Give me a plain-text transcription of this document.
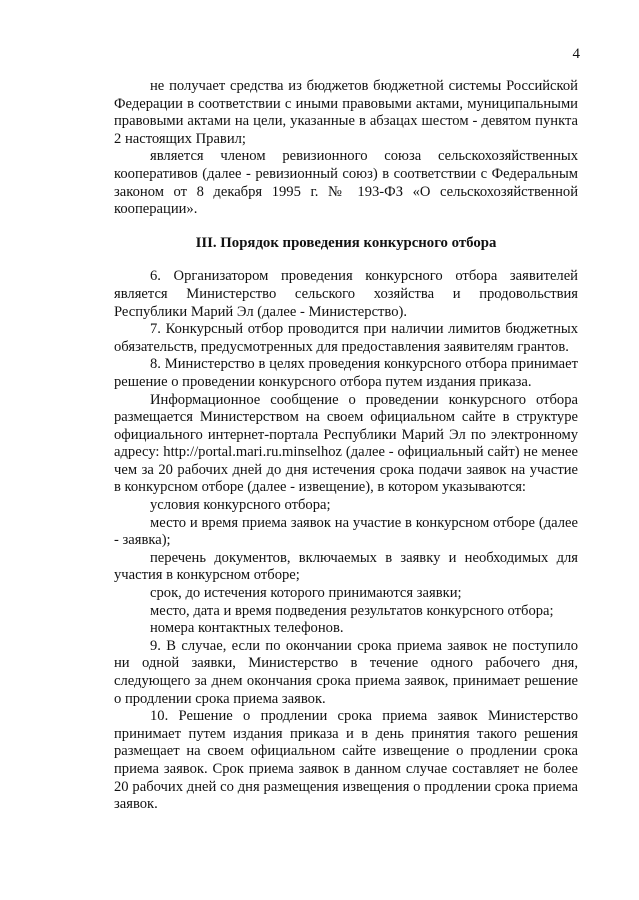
4

не получает средства из бюджетов бюджетной системы Российской Федерации в соответствии с иными правовыми актами, муниципальными правовыми актами на цели, указанные в абзацах шестом - девятом пункта 2 настоящих Правил;

является членом ревизионного союза сельскохозяйственных кооперативов (далее - ревизионный союз) в соответствии с Федеральным законом от 8 декабря 1995 г. № 193-ФЗ «О сельскохозяйственной кооперации».

III. Порядок проведения конкурсного отбора

6. Организатором проведения конкурсного отбора заявителей является Министерство сельского хозяйства и продовольствия Республики Марий Эл (далее - Министерство).

7. Конкурсный отбор проводится при наличии лимитов бюджетных обязательств, предусмотренных для предоставления заявителям грантов.

8. Министерство в целях проведения конкурсного отбора принимает решение о проведении конкурсного отбора путем издания приказа.

Информационное сообщение о проведении конкурсного отбора размещается Министерством на своем официальном сайте в структуре официального интернет-портала Республики Марий Эл по электронному адресу: http://portal.mari.ru.minselhoz (далее - официальный сайт) не менее чем за 20 рабочих дней до дня истечения срока подачи заявок на участие в конкурсном отборе (далее - извещение), в котором указываются:

условия конкурсного отбора;

место и время приема заявок на участие в конкурсном отборе (далее - заявка);

перечень документов, включаемых в заявку и необходимых для участия в конкурсном отборе;

срок, до истечения которого принимаются заявки;

место, дата и время подведения результатов конкурсного отбора;

номера контактных телефонов.

9. В случае, если по окончании срока приема заявок не поступило ни одной заявки, Министерство в течение одного рабочего дня, следующего за днем окончания срока приема заявок, принимает решение о продлении срока приема заявок.

10. Решение о продлении срока приема заявок Министерство принимает путем издания приказа и в день принятия такого решения размещает на своем официальном сайте извещение о продлении срока приема заявок. Срок приема заявок в данном случае составляет не более 20 рабочих дней со дня размещения извещения о продлении срока приема заявок.
